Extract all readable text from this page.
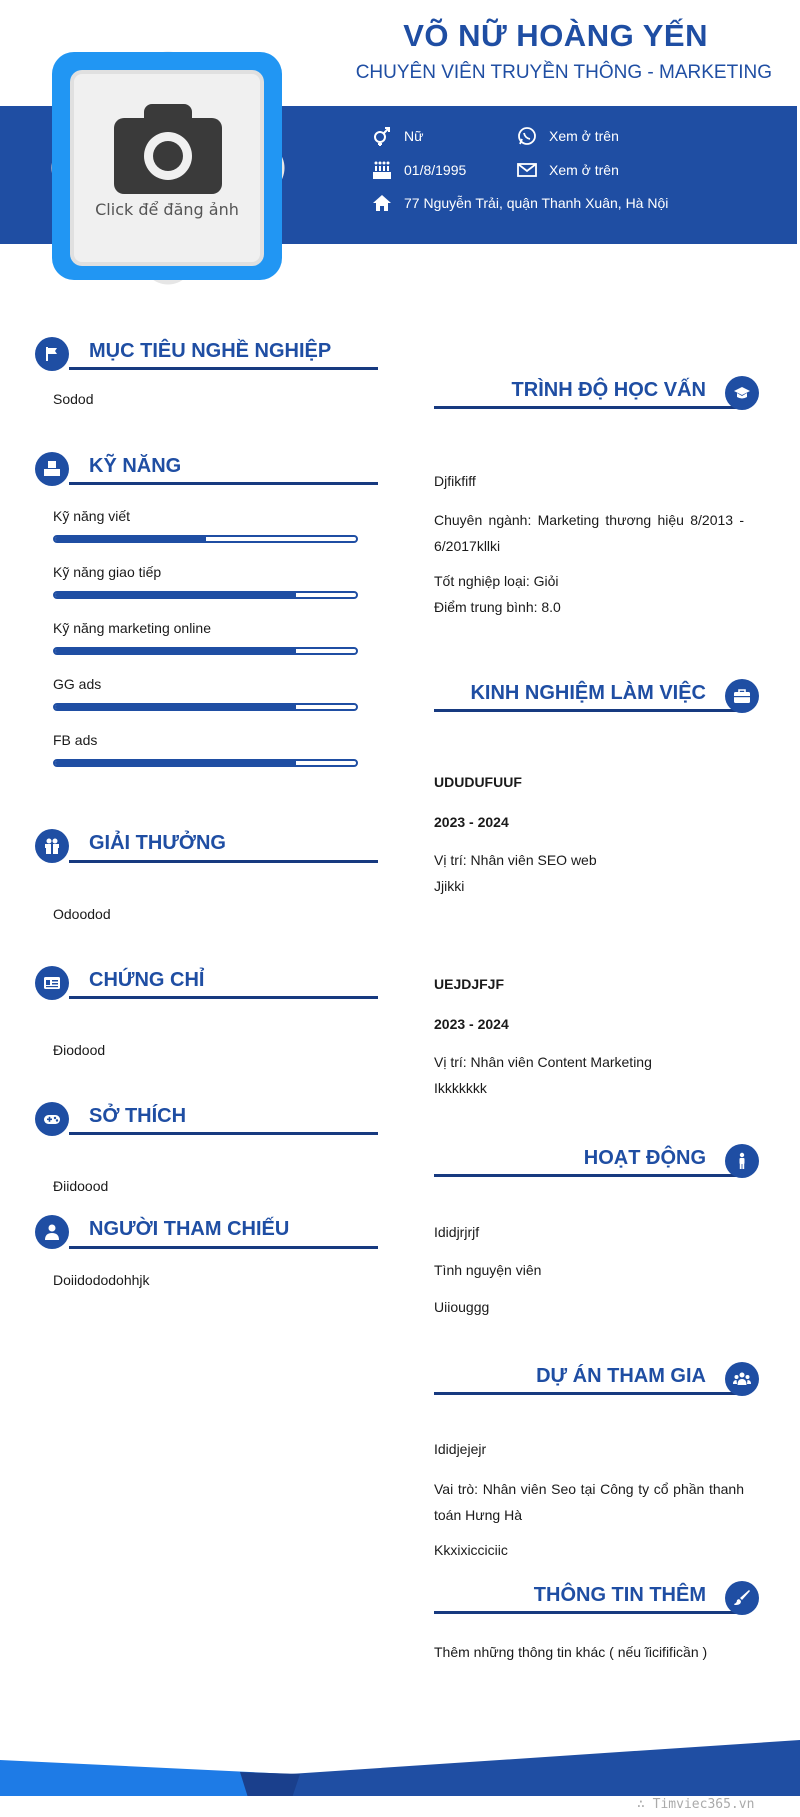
Click để đăng ảnh
VÕ NỮ HOÀNG YẾN
CHUYÊN VIÊN TRUYỀN THÔNG - MARKETING
Nữ	Xem ở trên
01/8/1995	Xem ở trên
77 Nguyễn Trải, quận Thanh Xuân, Hà Nội
MỤC TIÊU NGHỀ NGHIỆP
Sodod
KỸ NĂNG
Kỹ năng viết
Kỹ năng giao tiếp
Kỹ năng marketing online
GG ads
FB ads
GIẢI THƯỞNG
Odoodod
CHỨNG CHỈ
Điodood
SỞ THÍCH
Điidoood
NGƯỜI THAM CHIẾU
Doiidododohhjk
TRÌNH ĐỘ HỌC VẤN
Djfikfiff
Chuyên ngành: Marketing thương hiệu 8/2013 - 6/2017kllki
Tốt nghiệp loại: Giỏi
Điểm trung bình: 8.0
KINH NGHIỆM LÀM VIỆC
UDUDUFUUF
2023 - 2024
Vị trí: Nhân viên SEO web
Jjikki
UEJDJFJF
2023 - 2024
Vị trí: Nhân viên Content Marketing
Ikkkkkkk
HOẠT ĐỘNG
Ididjrjrjf
Tình nguyện viên
Uiiouggg
DỰ ÁN THAM GIA
Ididjejejr
Vai trò: Nhân viên Seo tại Công ty cổ phần thanh toán Hưng Hà
Kkxixicciciic
THÔNG TIN THÊM
Thêm những thông tin khác ( nếu ĩicifificần )
∴ Timviec365.vn
